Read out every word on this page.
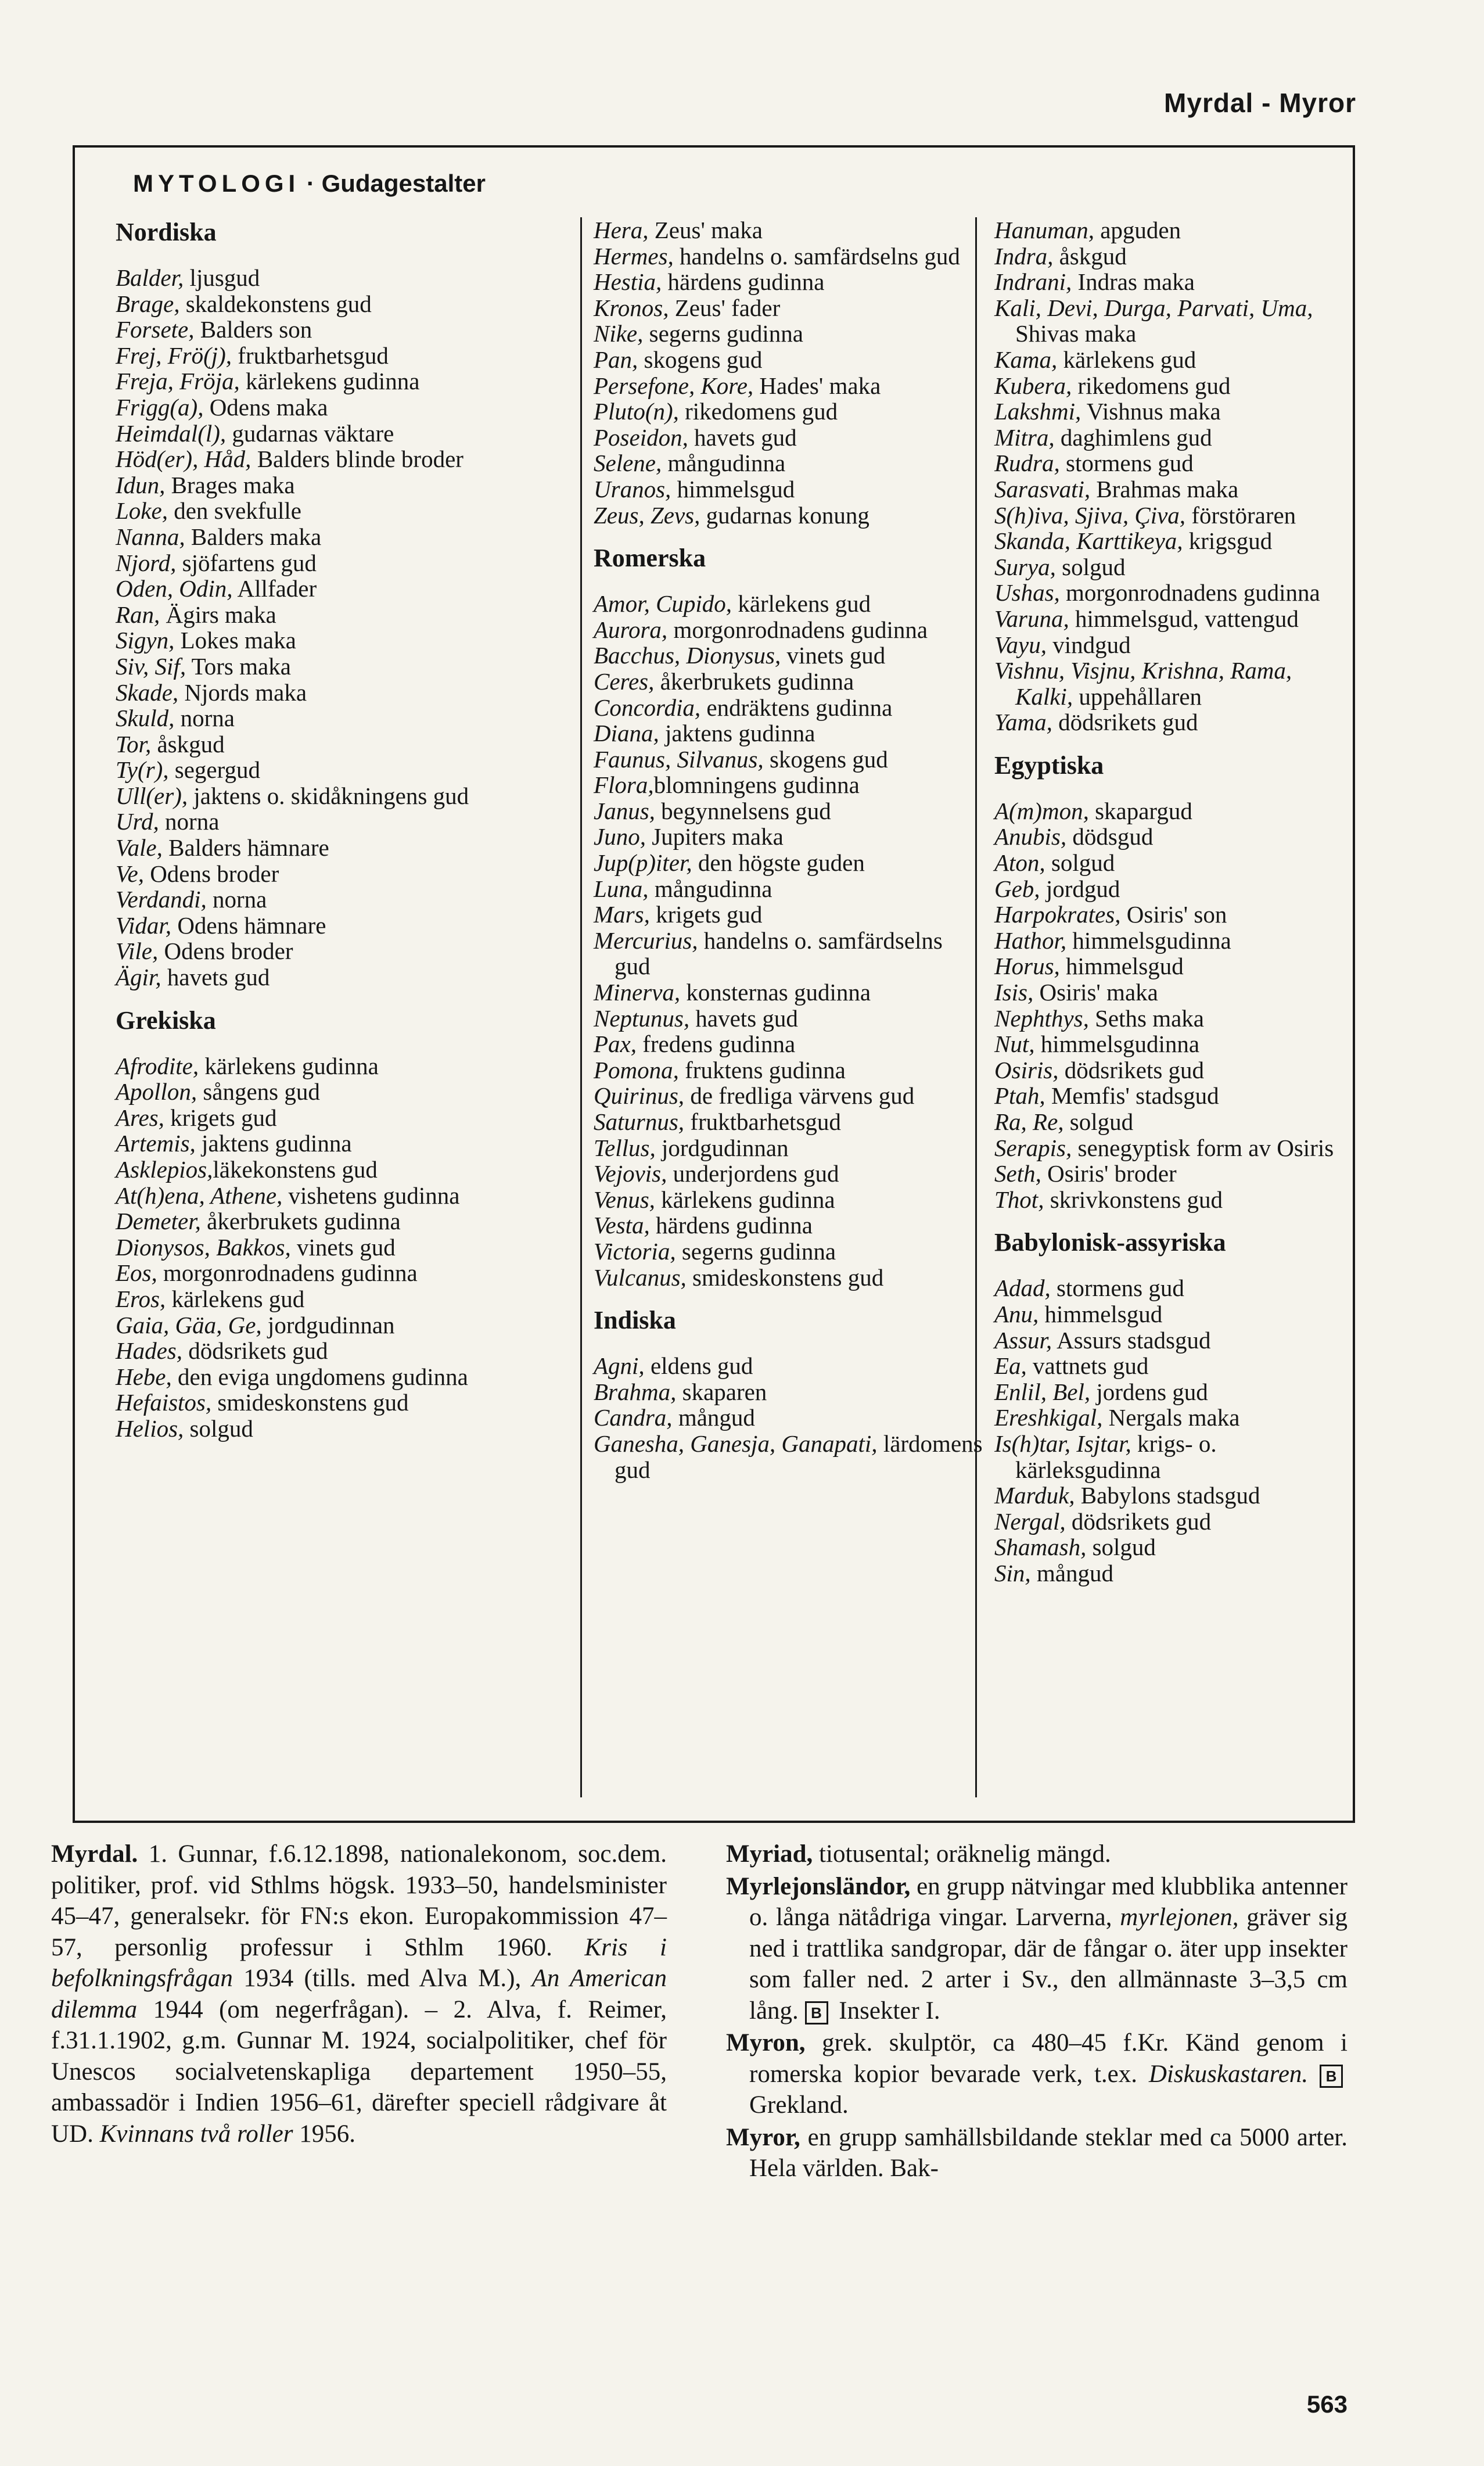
Myrdal - Myror
MYTOLOGI · Gudagestalter
Nordiska
Balder, ljusgud
Brage, skaldekonstens gud
Forsete, Balders son
Frej, Frö(j), fruktbarhetsgud
Freja, Fröja, kärlekens gudinna
Frigg(a), Odens maka
Heimdal(l), gudarnas väktare
Höd(er), Håd, Balders blinde broder
Idun, Brages maka
Loke, den svekfulle
Nanna, Balders maka
Njord, sjöfartens gud
Oden, Odin, Allfader
Ran, Ägirs maka
Sigyn, Lokes maka
Siv, Sif, Tors maka
Skade, Njords maka
Skuld, norna
Tor, åskgud
Ty(r), segergud
Ull(er), jaktens o. skidåkningens gud
Urd, norna
Vale, Balders hämnare
Ve, Odens broder
Verdandi, norna
Vidar, Odens hämnare
Vile, Odens broder
Ägir, havets gud
Grekiska
Afrodite, kärlekens gudinna
Apollon, sångens gud
Ares, krigets gud
Artemis, jaktens gudinna
Asklepios,läkekonstens gud
At(h)ena, Athene, vishetens gudinna
Demeter, åkerbrukets gudinna
Dionysos, Bakkos, vinets gud
Eos, morgonrodnadens gudinna
Eros, kärlekens gud
Gaia, Gäa, Ge, jordgudinnan
Hades, dödsrikets gud
Hebe, den eviga ungdomens gudinna
Hefaistos, smideskonstens gud
Helios, solgud
Hera, Zeus' maka
Hermes, handelns o. samfärdselns gud
Hestia, härdens gudinna
Kronos, Zeus' fader
Nike, segerns gudinna
Pan, skogens gud
Persefone, Kore, Hades' maka
Pluto(n), rikedomens gud
Poseidon, havets gud
Selene, mångudinna
Uranos, himmelsgud
Zeus, Zevs, gudarnas konung
Romerska
Amor, Cupido, kärlekens gud
Aurora, morgonrodnadens gudinna
Bacchus, Dionysus, vinets gud
Ceres, åkerbrukets gudinna
Concordia, endräktens gudinna
Diana, jaktens gudinna
Faunus, Silvanus, skogens gud
Flora,blomningens gudinna
Janus, begynnelsens gud
Juno, Jupiters maka
Jup(p)iter, den högste guden
Luna, mångudinna
Mars, krigets gud
Mercurius, handelns o. samfärdselns gud
Minerva, konsternas gudinna
Neptunus, havets gud
Pax, fredens gudinna
Pomona, fruktens gudinna
Quirinus, de fredliga värvens gud
Saturnus, fruktbarhetsgud
Tellus, jordgudinnan
Vejovis, underjordens gud
Venus, kärlekens gudinna
Vesta, härdens gudinna
Victoria, segerns gudinna
Vulcanus, smideskonstens gud
Indiska
Agni, eldens gud
Brahma, skaparen
Candra, mångud
Ganesha, Ganesja, Ganapati, lärdomens gud
Hanuman, apguden
Indra, åskgud
Indrani, Indras maka
Kali, Devi, Durga, Parvati, Uma, Shivas maka
Kama, kärlekens gud
Kubera, rikedomens gud
Lakshmi, Vishnus maka
Mitra, daghimlens gud
Rudra, stormens gud
Sarasvati, Brahmas maka
S(h)iva, Sjiva, Çiva, förstöraren
Skanda, Karttikeya, krigsgud
Surya, solgud
Ushas, morgonrodnadens gudinna
Varuna, himmelsgud, vattengud
Vayu, vindgud
Vishnu, Visjnu, Krishna, Rama, Kalki, uppehållaren
Yama, dödsrikets gud
Egyptiska
A(m)mon, skapargud
Anubis, dödsgud
Aton, solgud
Geb, jordgud
Harpokrates, Osiris' son
Hathor, himmelsgudinna
Horus, himmelsgud
Isis, Osiris' maka
Nephthys, Seths maka
Nut, himmelsgudinna
Osiris, dödsrikets gud
Ptah, Memfis' stadsgud
Ra, Re, solgud
Serapis, senegyptisk form av Osiris
Seth, Osiris' broder
Thot, skrivkonstens gud
Babylonisk-assyriska
Adad, stormens gud
Anu, himmelsgud
Assur, Assurs stadsgud
Ea, vattnets gud
Enlil, Bel, jordens gud
Ereshkigal, Nergals maka
Is(h)tar, Isjtar, krigs- o. kärleksgudinna
Marduk, Babylons stadsgud
Nergal, dödsrikets gud
Shamash, solgud
Sin, mångud

Myrdal. 1. Gunnar, f.6.12.1898, nationalekonom, soc.dem. politiker, prof. vid Sthlms högsk. 1933–50, handelsminister 45–47, generalsekr. för FN:s ekon. Europakommission 47–57, personlig professur i Sthlm 1960. Kris i befolkningsfrågan 1934 (tills. med Alva M.), An American dilemma 1944 (om negerfrågan). – 2. Alva, f. Reimer, f.31.1.1902, g.m. Gunnar M. 1924, socialpolitiker, chef för Unescos socialvetenskapliga departement 1950–55, ambassadör i Indien 1956–61, därefter speciell rådgivare åt UD. Kvinnans två roller 1956.

Myriad, tiotusental; oräknelig mängd.

Myrlejonsländor, en grupp nätvingar med klubblika antenner o. långa nätådriga vingar. Larverna, myrlejonen, gräver sig ned i trattlika sandgropar, där de fångar o. äter upp insekter som faller ned. 2 arter i Sv., den allmännaste 3–3,5 cm lång. B Insekter I.

Myron, grek. skulptör, ca 480–45 f.Kr. Känd genom i romerska kopior bevarade verk, t.ex. Diskuskastaren. B Grekland.

Myror, en grupp samhällsbildande steklar med ca 5000 arter. Hela världen. Bak-

563
